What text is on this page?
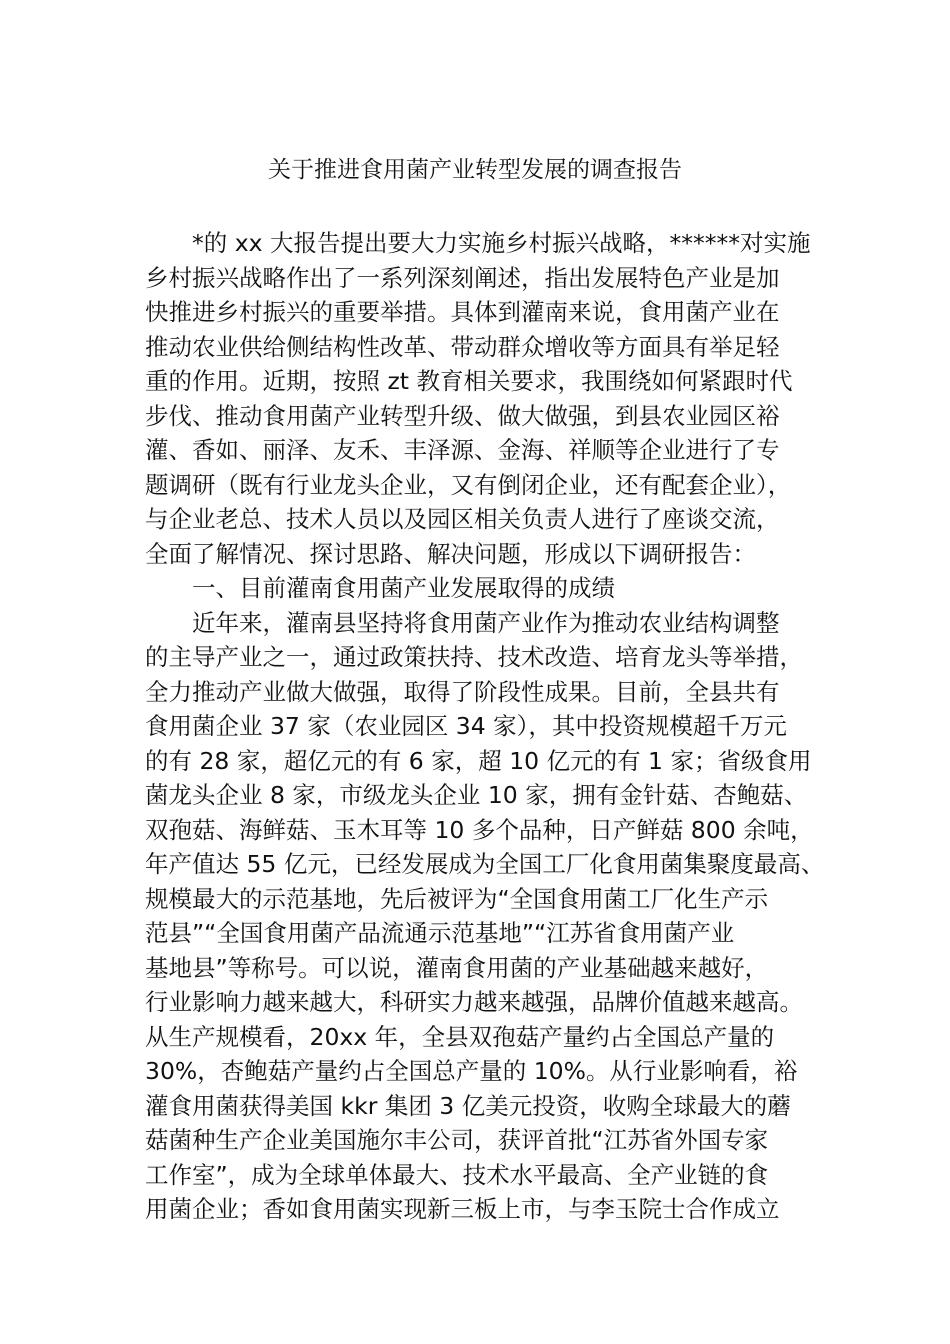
关于推进食用菌产业转型发展的调查报告
*的 xx 大报告提出要大力实施乡村振兴战略，******对实施
乡村振兴战略作出了一系列深刻阐述，指出发展特色产业是加
快推进乡村振兴的重要举措。具体到灌南来说，食用菌产业在
推动农业供给侧结构性改革、带动群众增收等方面具有举足轻
重的作用。近期，按照 zt 教育相关要求，我围绕如何紧跟时代
步伐、推动食用菌产业转型升级、做大做强，到县农业园区裕
灌、香如、丽泽、友禾、丰泽源、金海、祥顺等企业进行了专
题调研（既有行业龙头企业，又有倒闭企业，还有配套企业），
与企业老总、技术人员以及园区相关负责人进行了座谈交流，
全面了解情况、探讨思路、解决问题，形成以下调研报告：
一、目前灌南食用菌产业发展取得的成绩
近年来，灌南县坚持将食用菌产业作为推动农业结构调整
的主导产业之一，通过政策扶持、技术改造、培育龙头等举措，
全力推动产业做大做强，取得了阶段性成果。目前，全县共有
食用菌企业 37 家（农业园区 34 家），其中投资规模超千万元
的有 28 家，超亿元的有 6 家，超 10 亿元的有 1 家；省级食用
菌龙头企业 8 家，市级龙头企业 10 家，拥有金针菇、杏鲍菇、
双孢菇、海鲜菇、玉木耳等 10 多个品种，日产鲜菇 800 余吨，
年产值达 55 亿元，已经发展成为全国工厂化食用菌集聚度最高、
规模最大的示范基地，先后被评为“全国食用菌工厂化生产示
范县”“全国食用菌产品流通示范基地”“江苏省食用菌产业
基地县”等称号。可以说，灌南食用菌的产业基础越来越好，
行业影响力越来越大，科研实力越来越强，品牌价值越来越高。
从生产规模看，20xx 年，全县双孢菇产量约占全国总产量的
30%，杏鲍菇产量约占全国总产量的 10%。从行业影响看，裕
灌食用菌获得美国 kkr 集团 3 亿美元投资，收购全球最大的蘑
菇菌种生产企业美国施尔丰公司，获评首批“江苏省外国专家
工作室”，成为全球单体最大、技术水平最高、全产业链的食
用菌企业；香如食用菌实现新三板上市，与李玉院士合作成立
